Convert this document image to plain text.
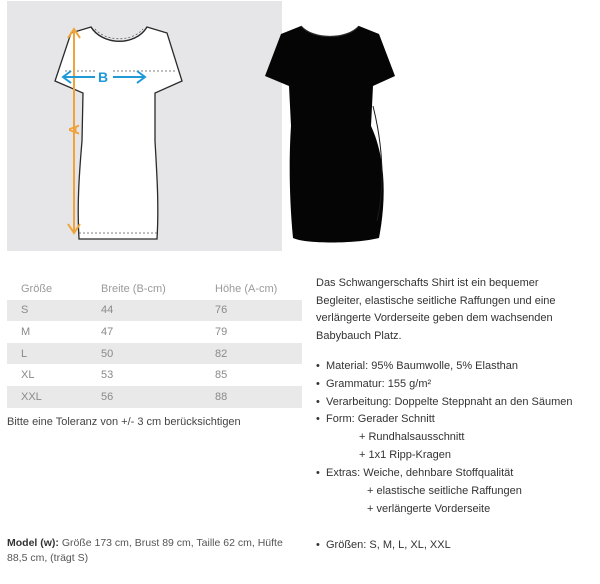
A
B
Größe	Breite (B-cm)	Höhe (A-cm)
S	44	76
M	47	79
L	50	82
XL	53	85
XXL	56	88
Bitte eine Toleranz von +/- 3 cm berücksichtigen
Model (w): Größe 173 cm, Brust 89 cm, Taille 62 cm, Hüfte 88,5 cm, (trägt S)
Das Schwangerschafts Shirt ist ein bequemer Begleiter, elastische seitliche Raffungen und eine verlängerte Vorderseite geben dem wachsenden Babybauch Platz.
• Material: 95% Baumwolle, 5% Elasthan
• Grammatur: 155 g/m²
• Verarbeitung: Doppelte Steppnaht an den Säumen
• Form: Gerader Schnitt
+ Rundhalsausschnitt
+ 1x1 Ripp-Kragen
• Extras: Weiche, dehnbare Stoffqualität
+ elastische seitliche Raffungen
+ verlängerte Vorderseite
• Größen: S, M, L, XL, XXL
